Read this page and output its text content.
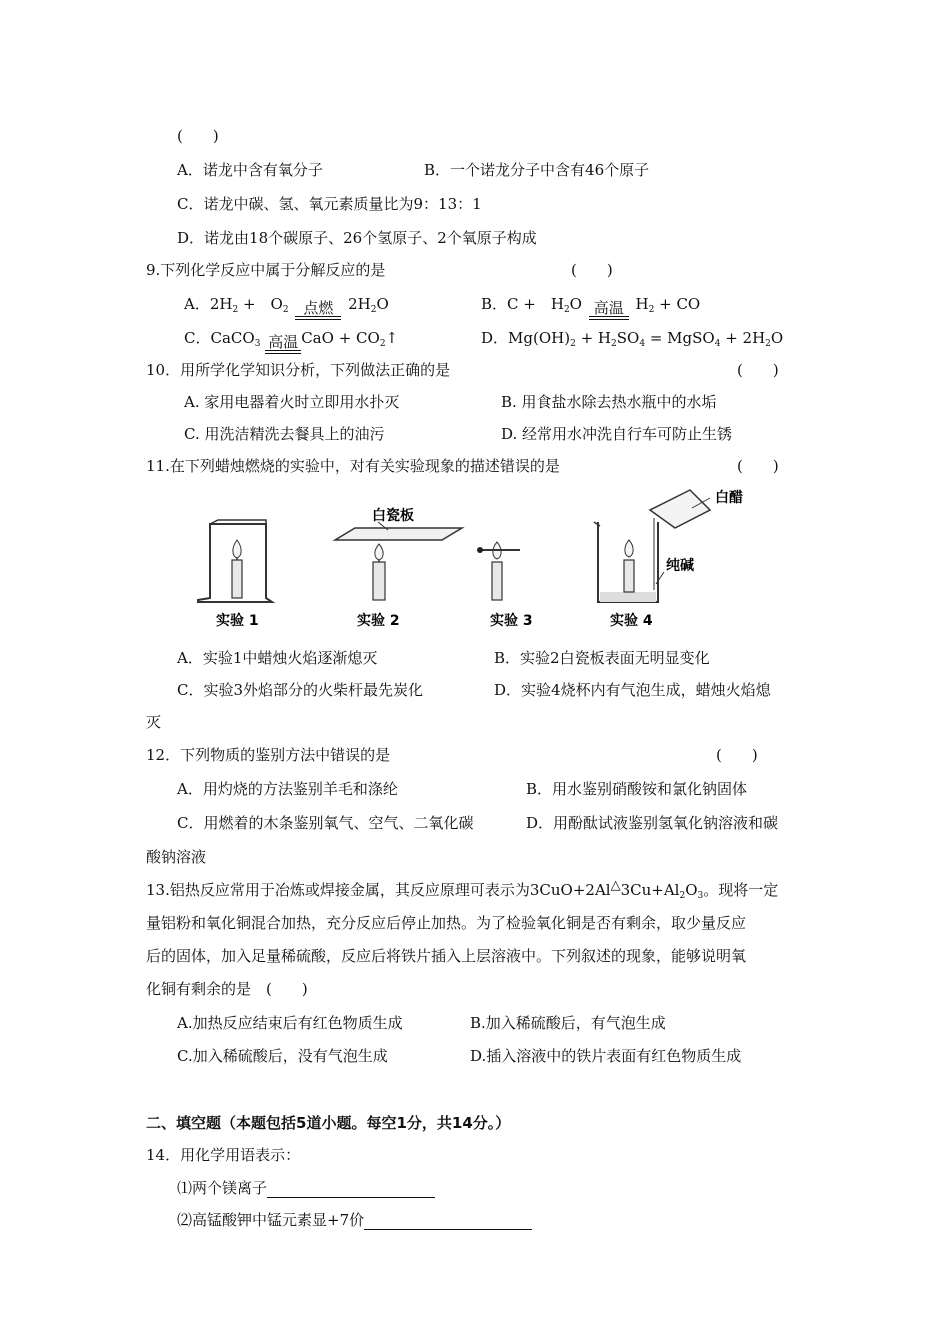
(　　)
A．诺龙中含有氧分子	B．一个诺龙分子中含有46个原子
C．诺龙中碳、氢、氧元素质量比为9：13：1
D．诺龙由18个碳原子、26个氢原子、2个氧原子构成
9.下列化学反应中属于分解反应的是	(　　)
A．$2H_2$ +　$O_2$ 点燃 $2H_2O$	B．C +　$H_2O$ 高温 $H_2$ + CO
C．CaCO$_3$ 高温 CaO + $CO_2↑$	D．$Mg(OH)_2 + H_2SO_4$ = MgSO$_4$ + $2H_2O$
10．用所学化学知识分析，下列做法正确的是	(　　)
A. 家用电器着火时立即用水扑灭	B. 用食盐水除去热水瓶中的水垢
C. 用洗洁精洗去餐具上的油污	D. 经常用水冲洗自行车可防止生锈
11.在下列蜡烛燃烧的实验中，对有关实验现象的描述错误的是	(　　)
白瓷板
白醋
纯碱
实验 1	实验 2	实验 3	实验 4
A．实验1中蜡烛火焰逐渐熄灭	B．实验2白瓷板表面无明显变化
C．实验3外焰部分的火柴杆最先炭化	D．实验4烧杯内有气泡生成，蜡烛火焰熄
灭
12．下列物质的鉴别方法中错误的是	(　　)
A．用灼烧的方法鉴别羊毛和涤纶	B．用水鉴别硝酸铵和氯化钠固体
C．用燃着的木条鉴别氧气、空气、二氧化碳	D．用酚酞试液鉴别氢氧化钠溶液和碳
酸钠溶液
13.铝热反应常用于冶炼或焊接金属，其反应原理可表示为$3CuO+2Al\triangle 3Cu+Al_2O_3$。现将一定
量铝粉和氧化铜混合加热，充分反应后停止加热。为了检验氧化铜是否有剩余，取少量反应
后的固体，加入足量稀硫酸，反应后将铁片插入上层溶液中。下列叙述的现象，能够说明氧
化铜有剩余的是　(　　)
A.加热反应结束后有红色物质生成	B.加入稀硫酸后，有气泡生成
C.加入稀硫酸后，没有气泡生成	D.插入溶液中的铁片表面有红色物质生成
二、填空题（本题包括5道小题。每空1分，共14分。）
14．用化学用语表示：
⑴两个镁离子
⑵高锰酸钾中锰元素显+7价
